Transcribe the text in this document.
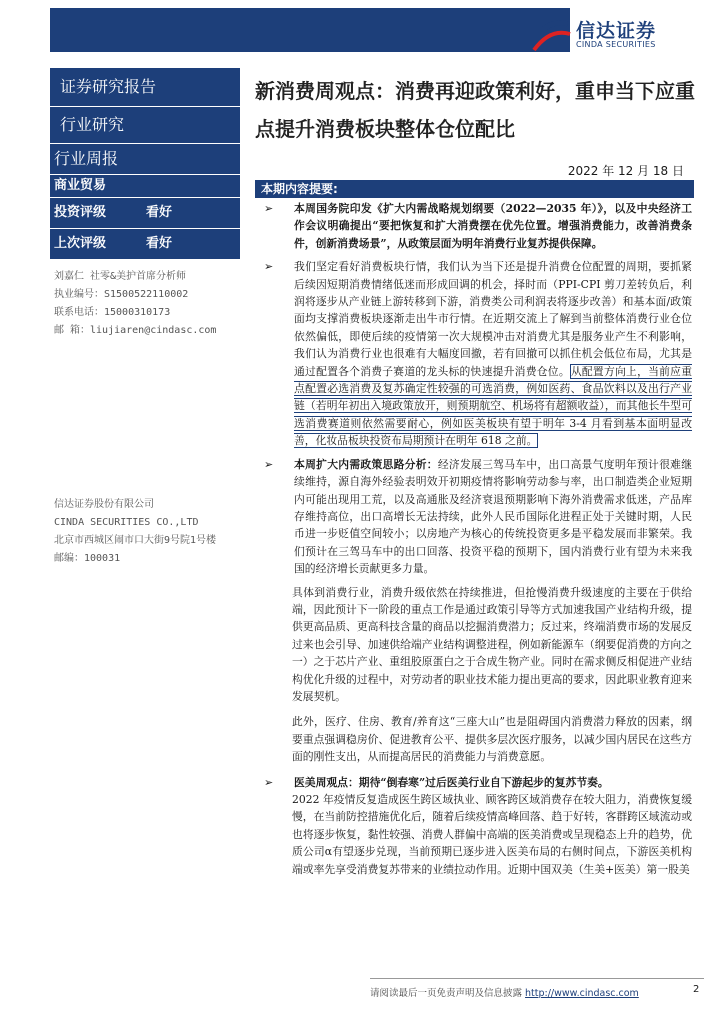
信达证券
CINDA SECURITIES
证券研究报告
行业研究
行业周报
商业贸易
投资评级	看好
上次评级	看好
刘嘉仁 社零&美护首席分析师
执业编号：S1500522110002
联系电话：15000310173
邮 箱：liujiaren@cindasc.com
信达证券股份有限公司
CINDA SECURITIES CO.,LTD
北京市西城区闹市口大街9号院1号楼
邮编：100031
新消费周观点：消费再迎政策利好，重申当下应重点提升消费板块整体仓位配比
2022 年 12 月 18 日
本期内容提要:
➢	本周国务院印发《扩大内需战略规划纲要（2022—2035 年）》，以及中央经济工作会议明确提出“要把恢复和扩大消费摆在优先位置。增强消费能力，改善消费条件，创新消费场景”，从政策层面为明年消费行业复苏提供保障。
➢	我们坚定看好消费板块行情，我们认为当下还是提升消费仓位配置的周期，要抓紧后续因短期消费情绪低迷而形成回调的机会，择时而（PPI-CPI 剪刀差转负后，利润将逐步从产业链上游转移到下游，消费类公司利润表将逐步改善）和基本面/政策面均支撑消费板块逐渐走出牛市行情。在近期交流上了解到当前整体消费行业仓位依然偏低，即使后续的疫情第一次大规模冲击对消费尤其是服务业产生不利影响，我们认为消费行业也很难有大幅度回撤，若有回撤可以抓住机会低位布局，尤其是通过配置各个消费子赛道的龙头标的快速提升消费仓位。从配置方向上，当前应重点配置必选消费及复苏确定性较强的可选消费，例如医药、食品饮料以及出行产业链（若明年初出入境政策放开，则预期航空、机场将有超额收益），而其他长牛型可选消费赛道则依然需要耐心，例如医美板块有望于明年 3-4 月看到基本面明显改善，化妆品板块投资布局期预计在明年 618 之前。
➢	本周扩大内需政策思路分析：经济发展三驾马车中，出口高景气度明年预计很难继续维持，源自海外经验表明效开初期疫情将影响劳动参与率，出口制造类企业短期内可能出现用工荒，以及高通胀及经济衰退预期影响下海外消费需求低迷，产品库存维持高位，出口高增长无法持续，此外人民币国际化进程正处于关键时期，人民币进一步贬值空间较小；以房地产为核心的传统投资更多是平稳发展而非繁荣。我们预计在三驾马车中的出口回落、投资平稳的预期下，国内消费行业有望为未来我国的经济增长贡献更多力量。
具体到消费行业，消费升级依然在持续推进，但抢慢消费升级速度的主要在于供给端，因此预计下一阶段的重点工作是通过政策引导等方式加速我国产业结构升级，提供更高品质、更高科技含量的商品以挖掘消费潜力；反过来，终端消费市场的发展反过来也会引导、加速供给端产业结构调整进程，例如新能源车（纲要促消费的方向之一）之于芯片产业、重组胶原蛋白之于合成生物产业。同时在需求侧反相促进产业结构优化升级的过程中，对劳动者的职业技术能力提出更高的要求，因此职业教育迎来发展契机。
此外，医疗、住房、教育/养育这“三座大山”也是阻碍国内消费潜力释放的因素，纲要重点强调稳房价、促进教育公平、提供多层次医疗服务，以减少国内居民在这些方面的刚性支出，从而提高居民的消费能力与消费意愿。
➢	医美周观点：期待“倒春寒”过后医美行业自下游起步的复苏节奏。
2022 年疫情反复造成医生跨区域执业、顾客跨区域消费存在较大阻力，消费恢复缓慢，在当前防控措施优化后，随着后续疫情高峰回落、趋于好转，客群跨区域流动或也将逐步恢复，黏性较强、消费人群偏中高端的医美消费或呈现稳态上升的趋势，优质公司α有望逐步兑现，当前预期已逐步进入医美布局的右侧时间点，下游医美机构端或率先享受消费复苏带来的业绩拉动作用。近期中国双美（生美+医美）第一股美
请阅读最后一页免责声明及信息披露 http://www.cindasc.com	2
